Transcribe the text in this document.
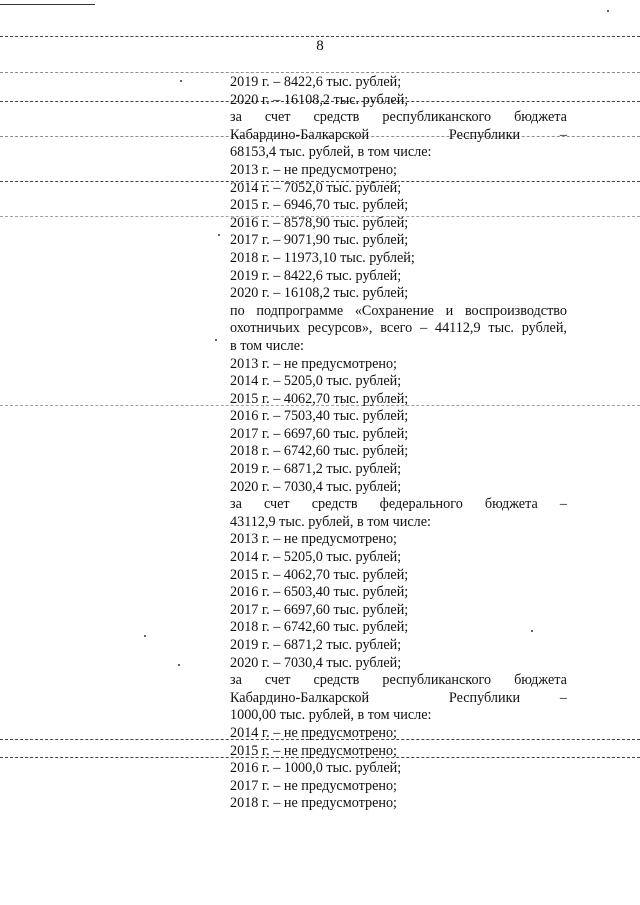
8
2019 г. – 8422,6 тыс. рублей;
2020 г. – 16108,2 тыс. рублей;
за счет средств республиканского бюджета
Кабардино-Балкарской	Республики	–
68153,4 тыс. рублей, в том числе:
2013 г. – не предусмотрено;
2014 г. – 7052,0 тыс. рублей;
2015 г. – 6946,70 тыс. рублей;
2016 г. – 8578,90 тыс. рублей;
2017 г. – 9071,90 тыс. рублей;
2018 г. – 11973,10 тыс. рублей;
2019 г. – 8422,6 тыс. рублей;
2020 г. – 16108,2 тыс. рублей;
по подпрограмме «Сохранение и воспроизводство
охотничьих ресурсов», всего – 44112,9 тыс. рублей,
в том числе:
2013 г. – не предусмотрено;
2014 г. – 5205,0 тыс. рублей;
2015 г. – 4062,70 тыс. рублей;
2016 г. – 7503,40 тыс. рублей;
2017 г. – 6697,60 тыс. рублей;
2018 г. – 6742,60 тыс. рублей;
2019 г. – 6871,2 тыс. рублей;
2020 г. – 7030,4 тыс. рублей;
за счет средств федерального бюджета –
43112,9 тыс. рублей, в том числе:
2013 г. – не предусмотрено;
2014 г. – 5205,0 тыс. рублей;
2015 г. – 4062,70 тыс. рублей;
2016 г. – 6503,40 тыс. рублей;
2017 г. – 6697,60 тыс. рублей;
2018 г. – 6742,60 тыс. рублей;
2019 г. – 6871,2 тыс. рублей;
2020 г. – 7030,4 тыс. рублей;
за счет средств республиканского бюджета
Кабардино-Балкарской	Республики	–
1000,00 тыс. рублей, в том числе:
2014 г. – не предусмотрено;
2015 г. – не предусмотрено;
2016 г. – 1000,0 тыс. рублей;
2017 г. – не предусмотрено;
2018 г. – не предусмотрено;
